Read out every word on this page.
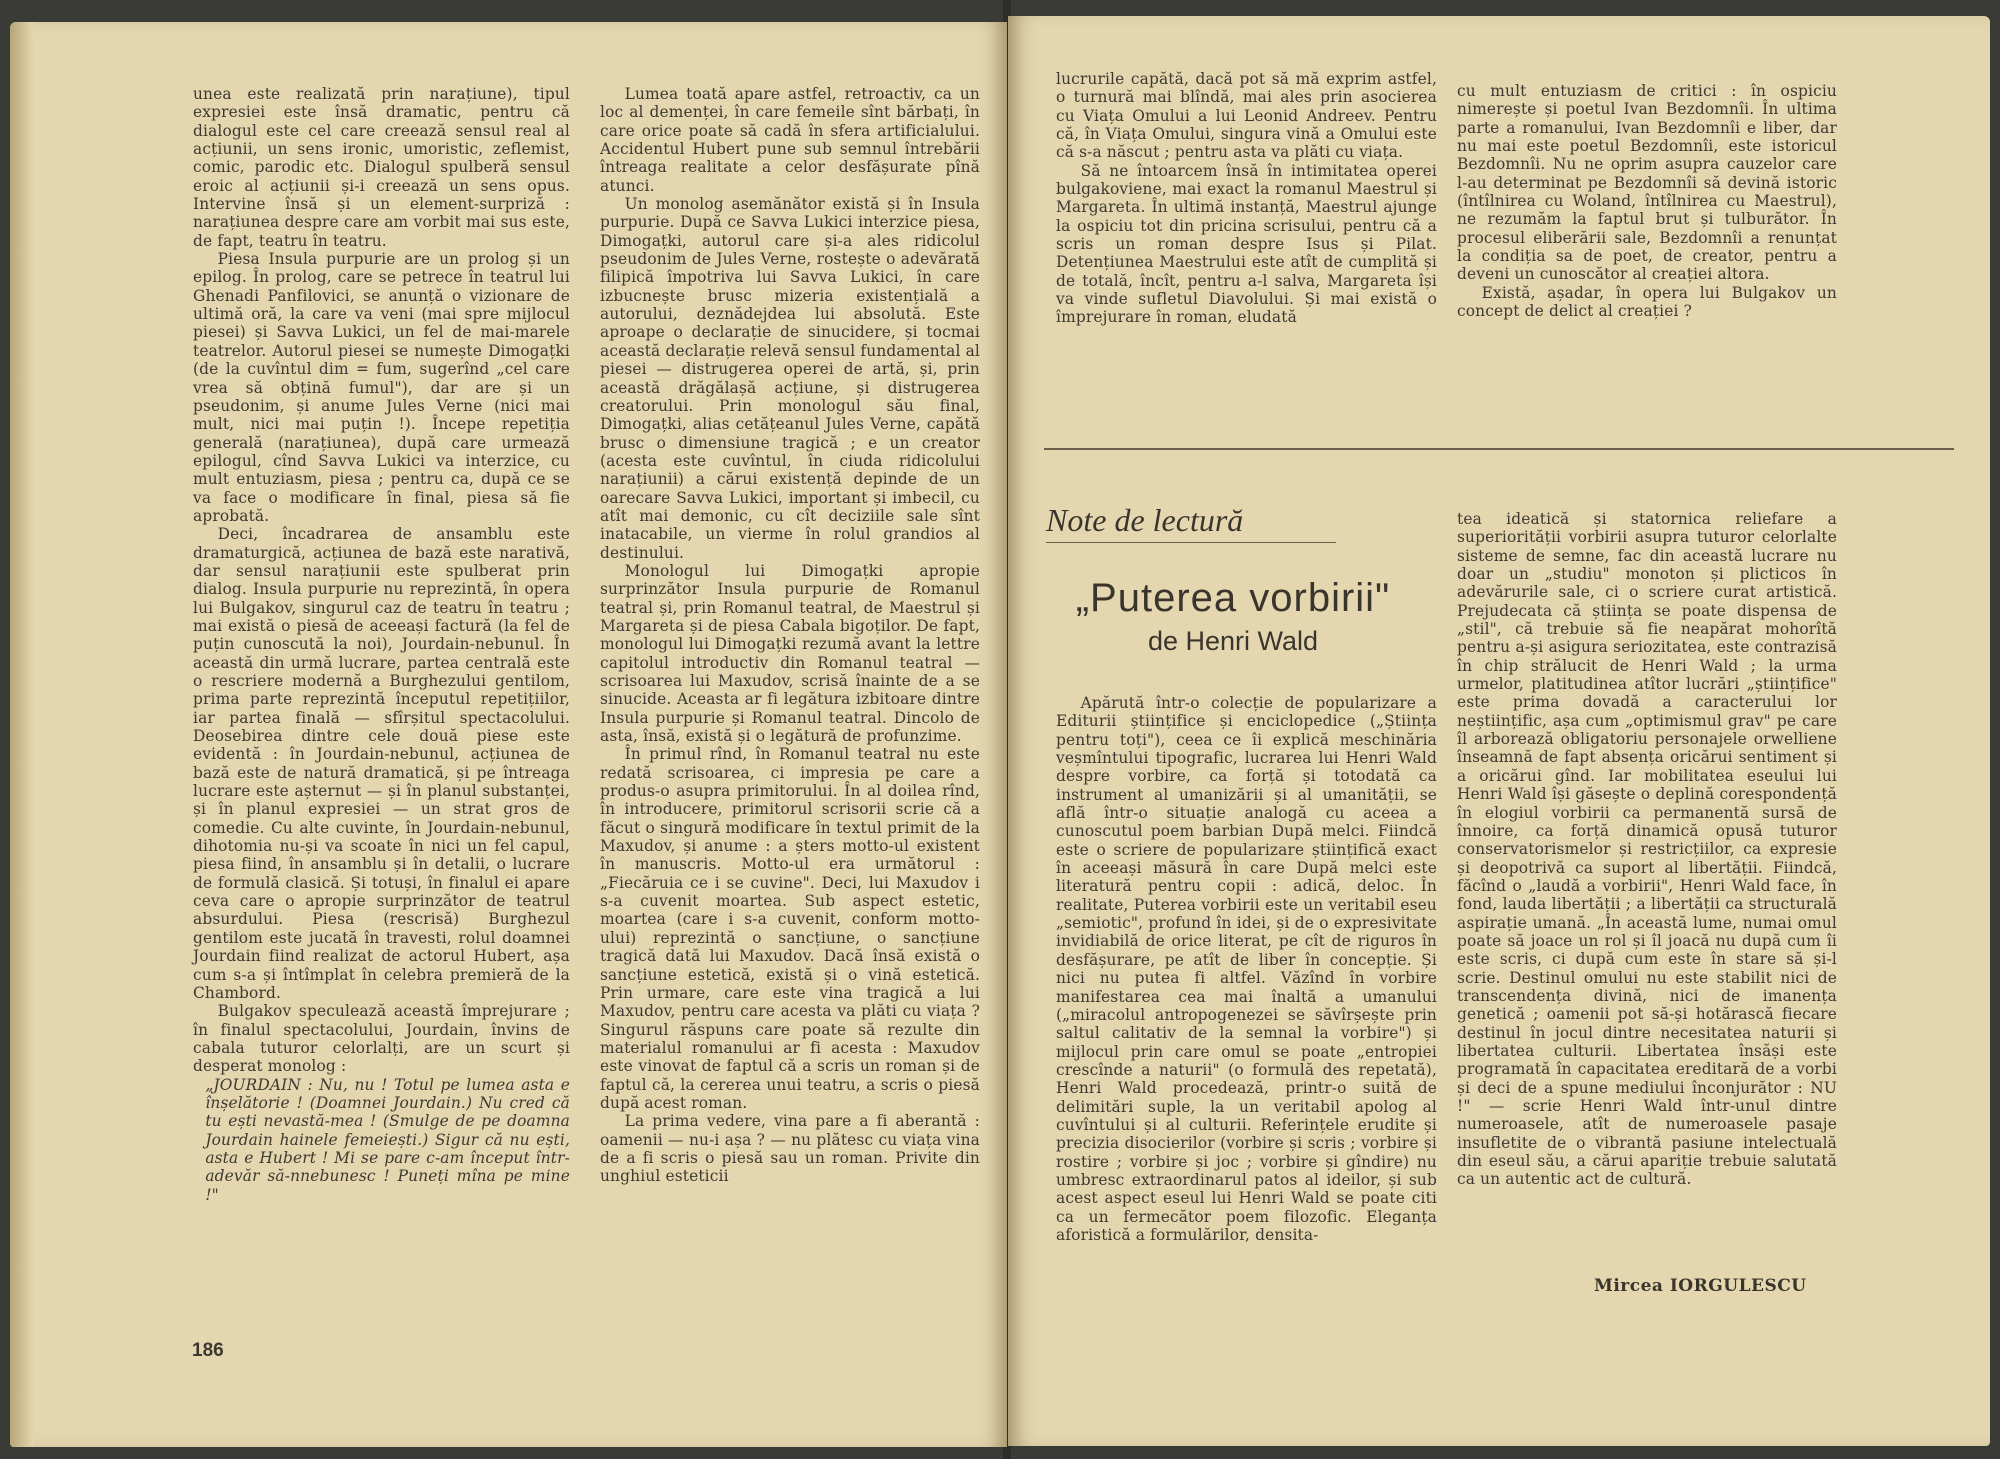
unea este realizată prin narațiune), tipul expresiei este însă dramatic, pentru că dialogul este cel care creează sensul real al acțiunii, un sens ironic, umoristic, zeflemist, comic, parodic etc. Dialogul spulberă sensul eroic al acțiunii și-i creează un sens opus. Intervine însă și un element-surpriză : narațiunea despre care am vorbit mai sus este, de fapt, teatru în teatru.

Piesa Insula purpurie are un prolog și un epilog. În prolog, care se petrece în teatrul lui Ghenadi Panfilovici, se anunță o vizionare de ultimă oră, la care va veni (mai spre mijlocul piesei) și Savva Lukici, un fel de mai-marele teatrelor. Autorul piesei se numește Dimogațki (de la cuvîntul dim = fum, sugerînd „cel care vrea să obțină fumul"), dar are și un pseudonim, și anume Jules Verne (nici mai mult, nici mai puțin !). Începe repetiția generală (narațiunea), după care urmează epilogul, cînd Savva Lukici va interzice, cu mult entuziasm, piesa ; pentru ca, după ce se va face o modificare în final, piesa să fie aprobată.

Deci, încadrarea de ansamblu este dramaturgică, acțiunea de bază este narativă, dar sensul narațiunii este spulberat prin dialog. Insula purpurie nu reprezintă, în opera lui Bulgakov, singurul caz de teatru în teatru ; mai există o piesă de aceeași factură (la fel de puțin cunoscută la noi), Jourdain-nebunul. În această din urmă lucrare, partea centrală este o rescriere modernă a Burghezului gentilom, prima parte reprezintă începutul repetițiilor, iar partea finală — sfîrșitul spectacolului. Deosebirea dintre cele două piese este evidentă : în Jourdain-nebunul, acțiunea de bază este de natură dramatică, și pe întreaga lucrare este așternut — și în planul substanței, și în planul expresiei — un strat gros de comedie. Cu alte cuvinte, în Jourdain-nebunul, dihotomia nu-și va scoate în nici un fel capul, piesa fiind, în ansamblu și în detalii, o lucrare de formulă clasică. Și totuși, în finalul ei apare ceva care o apropie surprinzător de teatrul absurdului. Piesa (rescrisă) Burghezul gentilom este jucată în travesti, rolul doamnei Jourdain fiind realizat de actorul Hubert, așa cum s-a și întîmplat în celebra premieră de la Chambord.

Bulgakov speculează această împrejurare ; în finalul spectacolului, Jourdain, învins de cabala tuturor celorlalți, are un scurt și desperat monolog :

„JOURDAIN : Nu, nu ! Totul pe lumea asta e înșelătorie ! (Doamnei Jourdain.) Nu cred că tu ești nevastă-mea ! (Smulge de pe doamna Jourdain hainele femeiești.) Sigur că nu ești, asta e Hubert ! Mi se pare c-am început într-adevăr să-nnebunesc ! Puneți mîna pe mine !"

Lumea toată apare astfel, retroactiv, ca un loc al demenței, în care femeile sînt bărbați, în care orice poate să cadă în sfera artificialului. Accidentul Hubert pune sub semnul întrebării întreaga realitate a celor desfășurate pînă atunci.

Un monolog asemănător există și în Insula purpurie. După ce Savva Lukici interzice piesa, Dimogațki, autorul care și-a ales ridicolul pseudonim de Jules Verne, rostește o adevărată filipică împotriva lui Savva Lukici, în care izbucnește brusc mizeria existențială a autorului, deznădejdea lui absolută. Este aproape o declarație de sinucidere, și tocmai această declarație relevă sensul fundamental al piesei — distrugerea operei de artă, și, prin această drăgălașă acțiune, și distrugerea creatorului. Prin monologul său final, Dimogațki, alias cetățeanul Jules Verne, capătă brusc o dimensiune tragică ; e un creator (acesta este cuvîntul, în ciuda ridicolului narațiunii) a cărui existență depinde de un oarecare Savva Lukici, important și imbecil, cu atît mai demonic, cu cît deciziile sale sînt inatacabile, un vierme în rolul grandios al destinului.

Monologul lui Dimogațki apropie surprinzător Insula purpurie de Romanul teatral și, prin Romanul teatral, de Maestrul și Margareta și de piesa Cabala bigoților. De fapt, monologul lui Dimogațki rezumă avant la lettre capitolul introductiv din Romanul teatral — scrisoarea lui Maxudov, scrisă înainte de a se sinucide. Aceasta ar fi legătura izbitoare dintre Insula purpurie și Romanul teatral. Dincolo de asta, însă, există și o legătură de profunzime.

În primul rînd, în Romanul teatral nu este redată scrisoarea, ci impresia pe care a produs-o asupra primitorului. În al doilea rînd, în introducere, primitorul scrisorii scrie că a făcut o singură modificare în textul primit de la Maxudov, și anume : a șters motto-ul existent în manuscris. Motto-ul era următorul : „Fiecăruia ce i se cuvine". Deci, lui Maxudov i s-a cuvenit moartea. Sub aspect estetic, moartea (care i s-a cuvenit, conform motto-ului) reprezintă o sancțiune, o sancțiune tragică dată lui Maxudov. Dacă însă există o sancțiune estetică, există și o vină estetică. Prin urmare, care este vina tragică a lui Maxudov, pentru care acesta va plăti cu viața ? Singurul răspuns care poate să rezulte din materialul romanului ar fi acesta : Maxudov este vinovat de faptul că a scris un roman și de faptul că, la cererea unui teatru, a scris o piesă după acest roman.

La prima vedere, vina pare a fi aberantă : oamenii — nu-i așa ? — nu plătesc cu viața vina de a fi scris o piesă sau un roman. Privite din unghiul esteticii

186

lucrurile capătă, dacă pot să mă exprim astfel, o turnură mai blîndă, mai ales prin asocierea cu Viața Omului a lui Leonid Andreev. Pentru că, în Viața Omului, singura vină a Omului este că s-a născut ; pentru asta va plăti cu viața.

Să ne întoarcem însă în intimitatea operei bulgakoviene, mai exact la romanul Maestrul și Margareta. În ultimă instanță, Maestrul ajunge la ospiciu tot din pricina scrisului, pentru că a scris un roman despre Isus și Pilat. Detențiunea Maestrului este atît de cumplită și de totală, încît, pentru a-l salva, Margareta își va vinde sufletul Diavolului. Și mai există o împrejurare în roman, eludată

cu mult entuziasm de critici : în ospiciu nimerește și poetul Ivan Bezdomnîi. În ultima parte a romanului, Ivan Bezdomnîi e liber, dar nu mai este poetul Bezdomnîi, este istoricul Bezdomnîi. Nu ne oprim asupra cauzelor care l-au determinat pe Bezdomnîi să devină istoric (întîlnirea cu Woland, întîlnirea cu Maestrul), ne rezumăm la faptul brut și tulburător. În procesul eliberării sale, Bezdomnîi a renunțat la condiția sa de poet, de creator, pentru a deveni un cunoscător al creației altora.

Există, așadar, în opera lui Bulgakov un concept de delict al creației ?

Note de lectură
„Puterea vorbirii"
de Henri Wald

Apărută într-o colecție de popularizare a Editurii științifice și enciclopedice („Știința pentru toți"), ceea ce îi explică meschinăria veșmîntului tipografic, lucrarea lui Henri Wald despre vorbire, ca forță și totodată ca instrument al umanizării și al umanității, se află într-o situație analogă cu aceea a cunoscutul poem barbian După melci. Fiindcă este o scriere de popularizare științifică exact în aceeași măsură în care După melci este literatură pentru copii : adică, deloc. În realitate, Puterea vorbirii este un veritabil eseu „semiotic", profund în idei, și de o expresivitate invidiabilă de orice literat, pe cît de riguros în desfășurare, pe atît de liber în concepție. Și nici nu putea fi altfel. Văzînd în vorbire manifestarea cea mai înaltă a umanului („miracolul antropogenezei se săvîrșește prin saltul calitativ de la semnal la vorbire") și mijlocul prin care omul se poate „entropiei crescînde a naturii" (o formulă des repetată), Henri Wald procedează, printr-o suită de delimitări suple, la un veritabil apolog al cuvîntului și al culturii. Referințele erudite și precizia disocierilor (vorbire și scris ; vorbire și rostire ; vorbire și joc ; vorbire și gîndire) nu umbresc extraordinarul patos al ideilor, și sub acest aspect eseul lui Henri Wald se poate citi ca un fermecător poem filozofic. Eleganța aforistică a formulărilor, densita-

tea ideatică și statornica reliefare a superiorității vorbirii asupra tuturor celorlalte sisteme de semne, fac din această lucrare nu doar un „studiu" monoton și plicticos în adevărurile sale, ci o scriere curat artistică. Prejudecata că știința se poate dispensa de „stil", că trebuie să fie neapărat mohorîtă pentru a-și asigura seriozitatea, este contrazisă în chip strălucit de Henri Wald ; la urma urmelor, platitudinea atîtor lucrări „științifice" este prima dovadă a caracterului lor neștiințific, așa cum „optimismul grav" pe care îl arborează obligatoriu personajele orwelliene înseamnă de fapt absența oricărui sentiment și a oricărui gînd. Iar mobilitatea eseului lui Henri Wald își găsește o deplină corespondență în elogiul vorbirii ca permanentă sursă de înnoire, ca forță dinamică opusă tuturor conservatorismelor și restricțiilor, ca expresie și deopotrivă ca suport al libertății. Fiindcă, făcînd o „laudă a vorbirii", Henri Wald face, în fond, lauda libertății ; a libertății ca structurală aspirație umană. „În această lume, numai omul poate să joace un rol și îl joacă nu după cum îi este scris, ci după cum este în stare să și-l scrie. Destinul omului nu este stabilit nici de transcendența divină, nici de imanența genetică ; oamenii pot să-și hotărască fiecare destinul în jocul dintre necesitatea naturii și libertatea culturii. Libertatea însăși este programată în capacitatea ereditară de a vorbi și deci de a spune mediului înconjurător : NU !" — scrie Henri Wald într-unul dintre numeroasele, atît de numeroasele pasaje insufletite de o vibrantă pasiune intelectuală din eseul său, a cărui apariție trebuie salutată ca un autentic act de cultură.

Mircea IORGULESCU
